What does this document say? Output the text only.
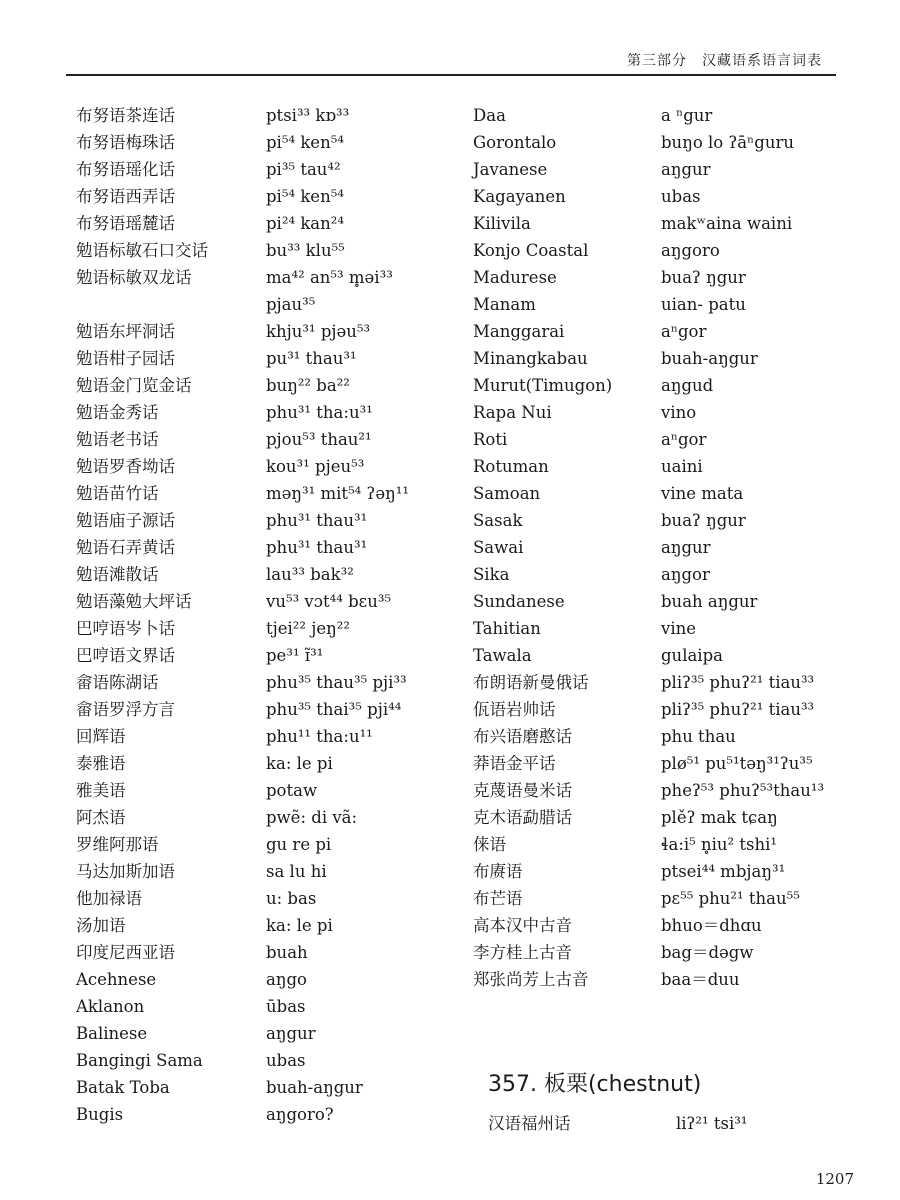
第三部分　汉藏语系语言词表
布努语茶连话	ptsi³³ kɒ³³
布努语梅珠话	pi⁵⁴ ken⁵⁴
布努语瑶化话	pi³⁵ tau⁴²
布努语西弄话	pi⁵⁴ ken⁵⁴
布努语瑶麓话	pi²⁴ kan²⁴
勉语标敏石口交话	bu³³ klu⁵⁵
勉语标敏双龙话	ma⁴² an⁵³ m̥əi³³
pjau³⁵
勉语东坪洞话	khju³¹ pjəu⁵³
勉语柑子园话	pu³¹ thau³¹
勉语金门览金话	buŋ²² ba²²
勉语金秀话	phu³¹ tha:u³¹
勉语老书话	pjou⁵³ thau²¹
勉语罗香坳话	kou³¹ pjeu⁵³
勉语苗竹话	məŋ³¹ mit⁵⁴ ʔəŋ¹¹
勉语庙子源话	phu³¹ thau³¹
勉语石弄黄话	phu³¹ thau³¹
勉语滩散话	lau³³ bak³²
勉语藻勉大坪话	vu⁵³ vɔt⁴⁴ bɛu³⁵
巴哼语岑卜话	tjei²² jeŋ²²
巴哼语文界话	pe³¹ ɪ̃³¹
畲语陈湖话	phu³⁵ thau³⁵ pji³³
畲语罗浮方言	phu³⁵ thai³⁵ pji⁴⁴
回辉语	phu¹¹ tha:u¹¹
泰雅语	ka: le pi
雅美语	potaw
阿杰语	pwẽ: di vã:
罗维阿那语	gu re pi
马达加斯加语	sa lu hi
他加禄语	u: bas
汤加语	ka: le pi
印度尼西亚语	buah
Acehnese	aŋgo
Aklanon	ūbas
Balinese	aŋgur
Bangingi Sama	ubas
Batak Toba	buah-aŋgur
Bugis	aŋgoro?
Daa	a ⁿgur
Gorontalo	buŋo lo ʔāⁿguru
Javanese	aŋgur
Kagayanen	ubas
Kilivila	makʷaina waini
Konjo Coastal	aŋgoro
Madurese	buaʔ ŋgur
Manam	uian- patu
Manggarai	aⁿgor
Minangkabau	buah-aŋgur
Murut(Timugon)	aŋgud
Rapa Nui	vino
Roti	aⁿgor
Rotuman	uaini
Samoan	vine mata
Sasak	buaʔ ŋgur
Sawai	aŋgur
Sika	aŋgor
Sundanese	buah aŋgur
Tahitian	vine
Tawala	gulaipa
布朗语新曼俄话	pliʔ³⁵ phuʔ²¹ tiau³³
佤语岩帅话	pliʔ³⁵ phuʔ²¹ tiau³³
布兴语磨憨话	phu thau
莽语金平话	plø⁵¹ pu⁵¹təŋ³¹ʔu³⁵
克蔑语曼米话	pheʔ⁵³ phuʔ⁵³thau¹³
克木语勐腊话	plěʔ mak tɕaŋ
俫语	ɬa:i⁵ n̥iu² tshi¹
布赓语	ptsei⁴⁴ mbjaŋ³¹
布芒语	pɛ⁵⁵ phu²¹ thau⁵⁵
高本汉中古音	bhuo＝dhɑu
李方桂上古音	bag＝dəgw
郑张尚芳上古音	baa＝duu
357. 板栗(chestnut)
汉语福州话	liʔ²¹ tsi³¹
1207
